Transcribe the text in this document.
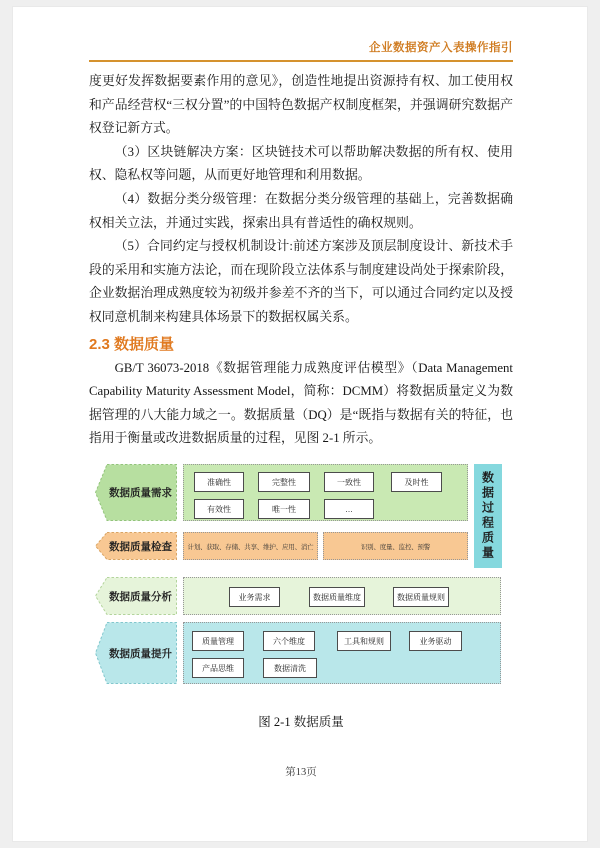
企业数据资产入表操作指引

度更好发挥数据要素作用的意见》，创造性地提出资源持有权、加工使用权和产品经营权“三权分置”的中国特色数据产权制度框架，并强调研究数据产权登记新方式。

（3）区块链解决方案：区块链技术可以帮助解决数据的所有权、使用权、隐私权等问题，从而更好地管理和利用数据。

（4）数据分类分级管理：在数据分类分级管理的基础上，完善数据确权相关立法，并通过实践，探索出具有普适性的确权规则。

（5）合同约定与授权机制设计:前述方案涉及顶层制度设计、新技术手段的采用和实施方法论，而在现阶段立法体系与制度建设尚处于探索阶段，企业数据治理成熟度较为初级并参差不齐的当下，可以通过合同约定以及授权同意机制来构建具体场景下的数据权属关系。

2.3 数据质量

GB/T 36073-2018《数据管理能力成熟度评估模型》（Data Management Capability Maturity Assessment Model，简称：DCMM）将数据质量定义为数据管理的八大能力域之一。数据质量（DQ）是“既指与数据有关的特征，也指用于衡量或改进数据质量的过程，见图 2-1 所示。

数据质量需求
准确性	完整性	一致性	及时性
有效性	唯一性	…	数据过程质量
数据质量检查	计划、获取、存储、共享、维护、应用、消亡	识别、度量、监控、预警
数据质量分析	业务需求	数据质量维度	数据质量规则
数据质量提升
质量管理	六个维度	工具和规则	业务驱动
产品思维	数据清洗
图 2-1 数据质量
第13页
